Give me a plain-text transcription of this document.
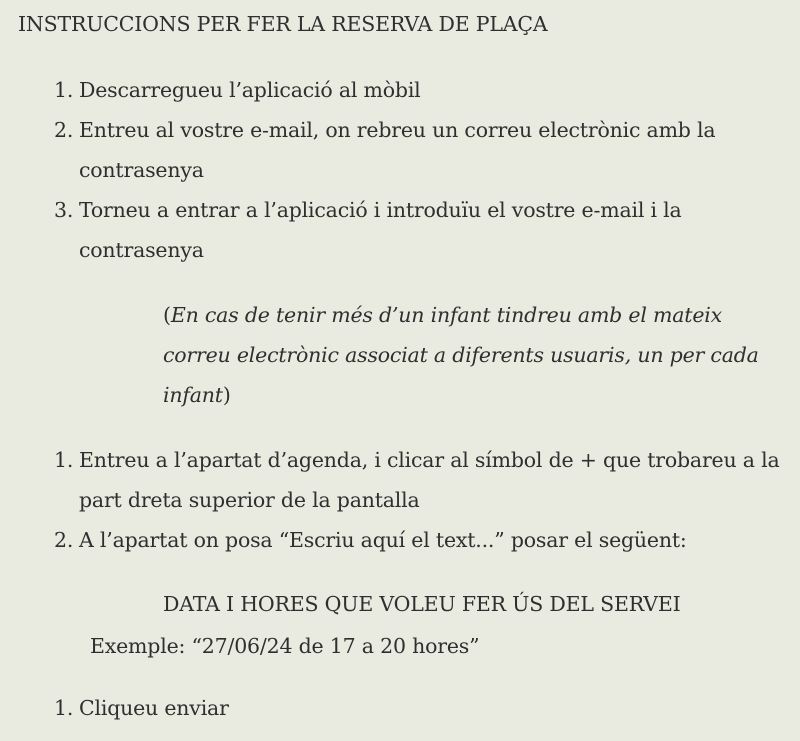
INSTRUCCIONS PER FER LA RESERVA DE PLAÇA
1. Descarregueu l’aplicació al mòbil
2. Entreu al vostre e-mail, on rebreu un correu electrònic amb la contrasenya
3. Torneu a entrar a l’aplicació i introduïu el vostre e-mail i la contrasenya

(En cas de tenir més d’un infant tindreu amb el mateix correu electrònic associat a diferents usuaris, un per cada infant)

1. Entreu a l’apartat d’agenda, i clicar al símbol de + que trobareu a la part dreta superior de la pantalla
2. A l’apartat on posa “Escriu aquí el text...” posar el següent:

DATA I HORES QUE VOLEU FER ÚS DEL SERVEI

Exemple: “27/06/24 de 17 a 20 hores”

1. Cliqueu enviar
